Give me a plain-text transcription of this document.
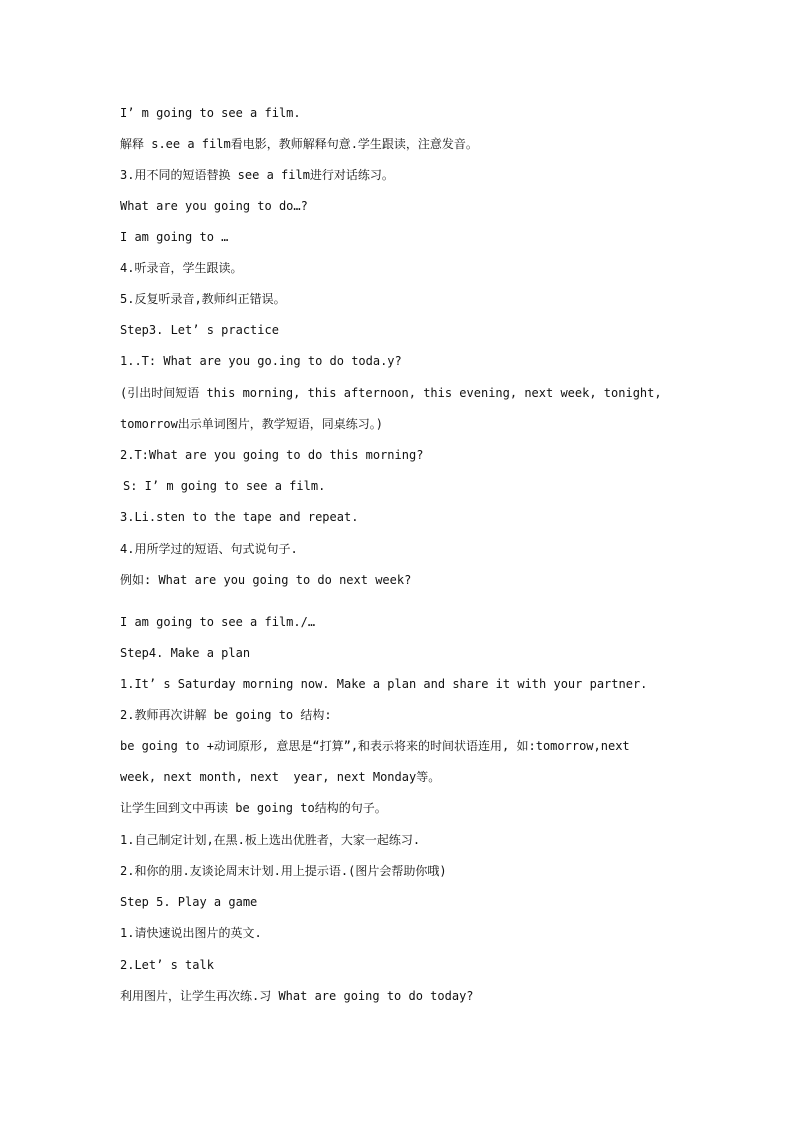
I’ m going to see a film.
解释 s.ee a film看电影，教师解释句意.学生跟读，注意发音。
3.用不同的短语替换 see a film进行对话练习。
What are you going to do…?
I am going to …
4.听录音，学生跟读。
5.反复听录音,教师纠正错误。
Step3. Let’ s practice
1..T: What are you go.ing to do toda.y?
(引出时间短语 this morning, this afternoon, this evening, next week, tonight,
tomorrow出示单词图片，教学短语，同桌练习。)
2.T:What are you going to do this morning?
S: I’ m going to see a film.
3.Li.sten to the tape and repeat.
4.用所学过的短语、句式说句子.
例如: What are you going to do next week?
I am going to see a film./…
Step4. Make a plan
1.It’ s Saturday morning now. Make a plan and share it with your partner.
2.教师再次讲解 be going to 结构:
be going to +动词原形, 意思是“打算”,和表示将来的时间状语连用, 如:tomorrow,next
week, next month, next  year, next Monday等。
让学生回到文中再读 be going to结构的句子。
1.自己制定计划,在黑.板上选出优胜者，大家一起练习.
2.和你的朋.友谈论周末计划.用上提示语.(图片会帮助你哦)
Step 5. Play a game
1.请快速说出图片的英文.
2.Let’ s talk
利用图片，让学生再次练.习 What are going to do today?
